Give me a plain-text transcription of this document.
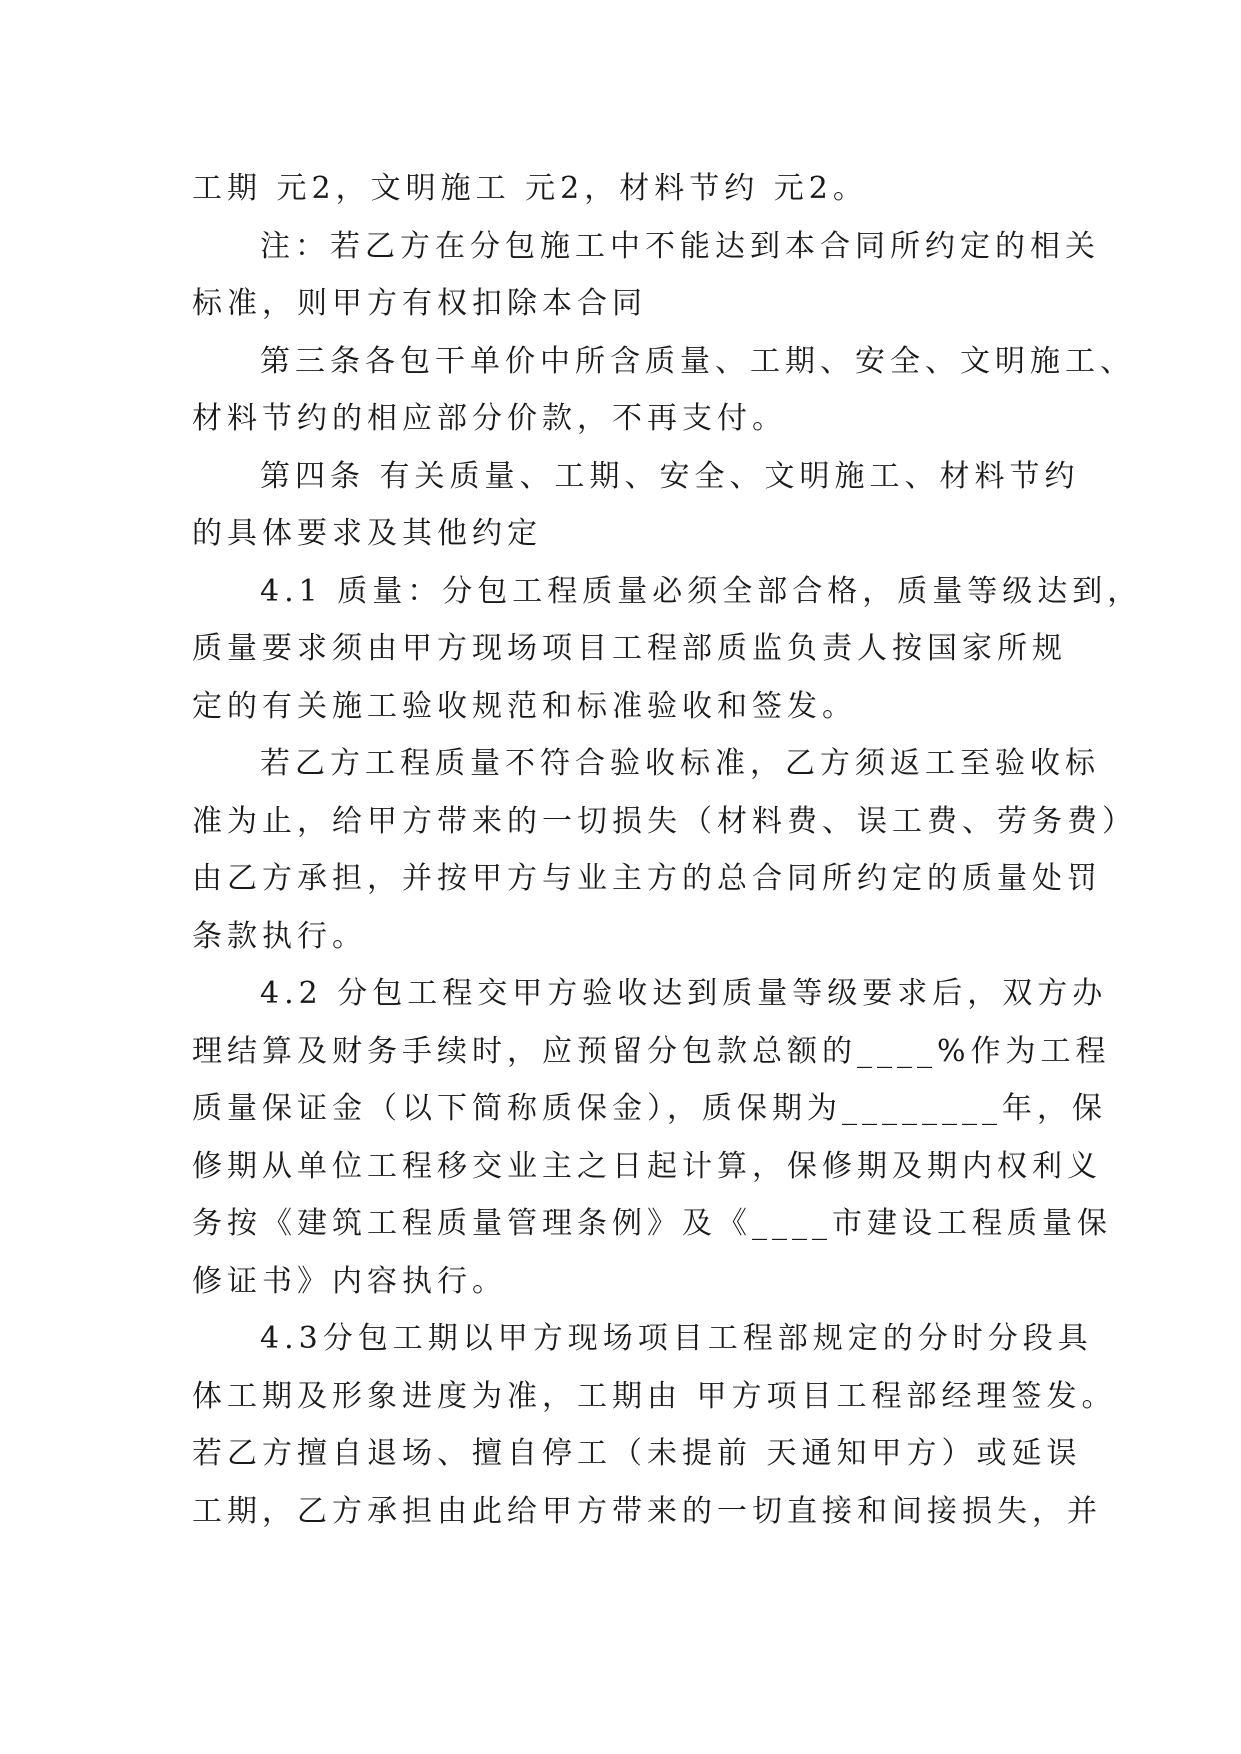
工期 元2，文明施工 元2，材料节约 元2。
注：若乙方在分包施工中不能达到本合同所约定的相关
标准，则甲方有权扣除本合同
第三条各包干单价中所含质量、工期、安全、文明施工、
材料节约的相应部分价款，不再支付。
第四条 有关质量、工期、安全、文明施工、材料节约
的具体要求及其他约定
4.1 质量：分包工程质量必须全部合格，质量等级达到，
质量要求须由甲方现场项目工程部质监负责人按国家所规
定的有关施工验收规范和标准验收和签发。
若乙方工程质量不符合验收标准，乙方须返工至验收标
准为止，给甲方带来的一切损失（材料费、误工费、劳务费）
由乙方承担，并按甲方与业主方的总合同所约定的质量处罚
条款执行。
4.2 分包工程交甲方验收达到质量等级要求后，双方办
理结算及财务手续时，应预留分包款总额的____%作为工程
质量保证金（以下简称质保金），质保期为________年，保
修期从单位工程移交业主之日起计算，保修期及期内权利义
务按《建筑工程质量管理条例》及《____市建设工程质量保
修证书》内容执行。
4.3分包工期以甲方现场项目工程部规定的分时分段具
体工期及形象进度为准，工期由 甲方项目工程部经理签发。
若乙方擅自退场、擅自停工（未提前 天通知甲方）或延误
工期，乙方承担由此给甲方带来的一切直接和间接损失，并
